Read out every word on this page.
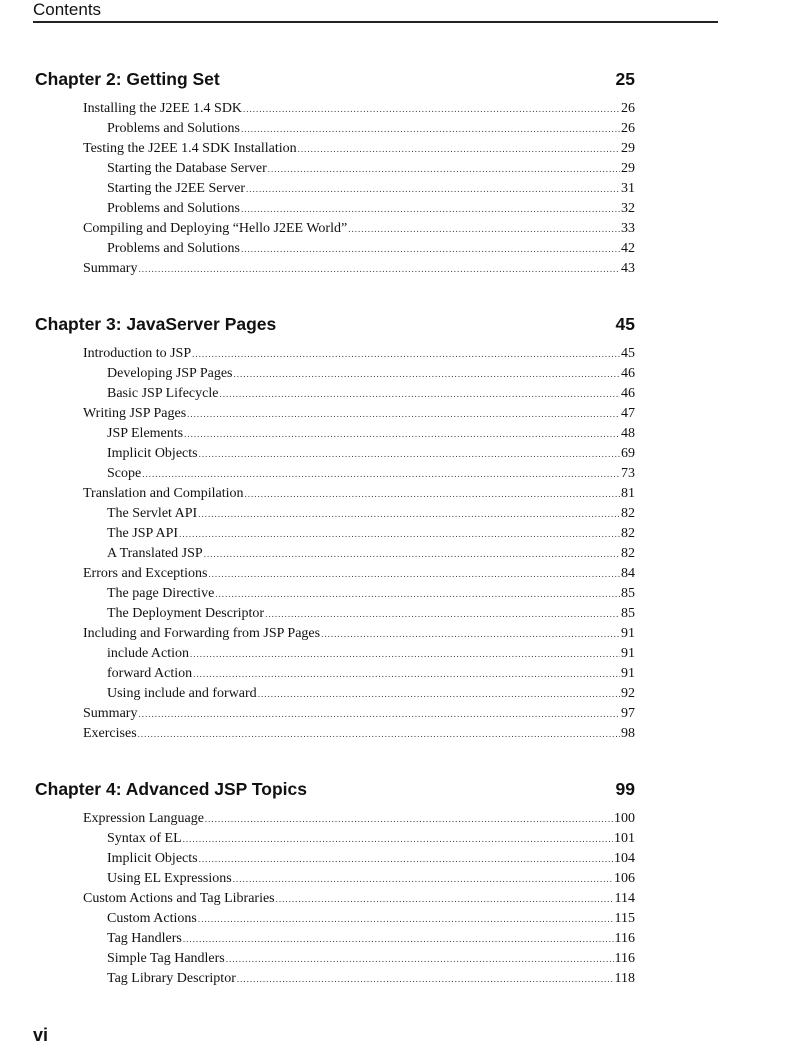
Contents
Chapter 2: Getting Set	25
Installing the J2EE 1.4 SDK .....	26
Problems and Solutions .....	26
Testing the J2EE 1.4 SDK Installation .....	29
Starting the Database Server .....	29
Starting the J2EE Server .....	31
Problems and Solutions .....	32
Compiling and Deploying “Hello J2EE World” .....	33
Problems and Solutions .....	42
Summary .....	43
Chapter 3: JavaServer Pages	45
Introduction to JSP .....	45
Developing JSP Pages .....	46
Basic JSP Lifecycle .....	46
Writing JSP Pages .....	47
JSP Elements .....	48
Implicit Objects .....	69
Scope .....	73
Translation and Compilation .....	81
The Servlet API .....	82
The JSP API .....	82
A Translated JSP .....	82
Errors and Exceptions .....	84
The page Directive .....	85
The Deployment Descriptor .....	85
Including and Forwarding from JSP Pages .....	91
include Action .....	91
forward Action .....	91
Using include and forward .....	92
Summary .....	97
Exercises .....	98
Chapter 4: Advanced JSP Topics	99
Expression Language .....	100
Syntax of EL .....	101
Implicit Objects .....	104
Using EL Expressions .....	106
Custom Actions and Tag Libraries .....	114
Custom Actions .....	115
Tag Handlers .....	116
Simple Tag Handlers .....	116
Tag Library Descriptor .....	118
vi
